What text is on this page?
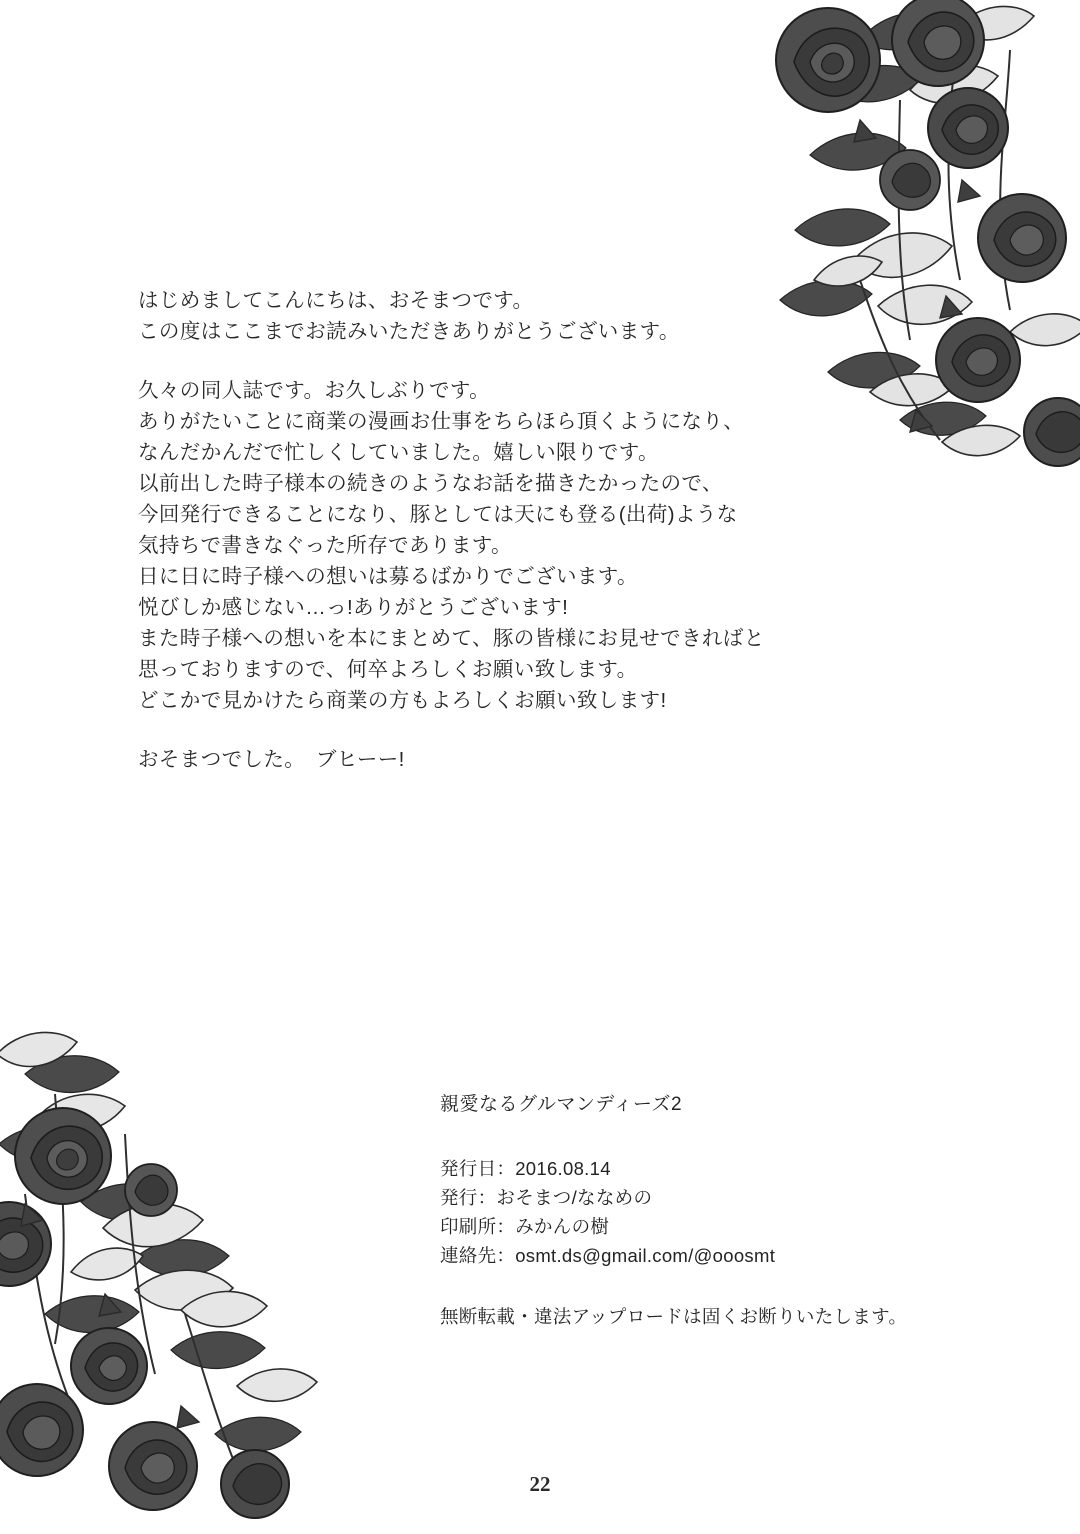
はじめましてこんにちは、おそまつです。
この度はここまでお読みいただきありがとうございます。
久々の同人誌です。お久しぶりです。
ありがたいことに商業の漫画お仕事をちらほら頂くようになり、
なんだかんだで忙しくしていました。嬉しい限りです。
以前出した時子様本の続きのようなお話を描きたかったので、
今回発行できることになり、豚としては天にも登る(出荷)ような
気持ちで書きなぐった所存であります。
日に日に時子様への想いは募るばかりでございます。
悦びしか感じない…っ!ありがとうございます!
また時子様への想いを本にまとめて、豚の皆様にお見せできればと
思っておりますので、何卒よろしくお願い致します。
どこかで見かけたら商業の方もよろしくお願い致します!
おそまつでした。　ブヒーー!
親愛なるグルマンディーズ2
発行日：2016.08.14
発行：おそまつ/ななめの
印刷所：みかんの樹
連絡先：osmt.ds@gmail.com/@ooosmt
無断転載・違法アップロードは固くお断りいたします。
22
